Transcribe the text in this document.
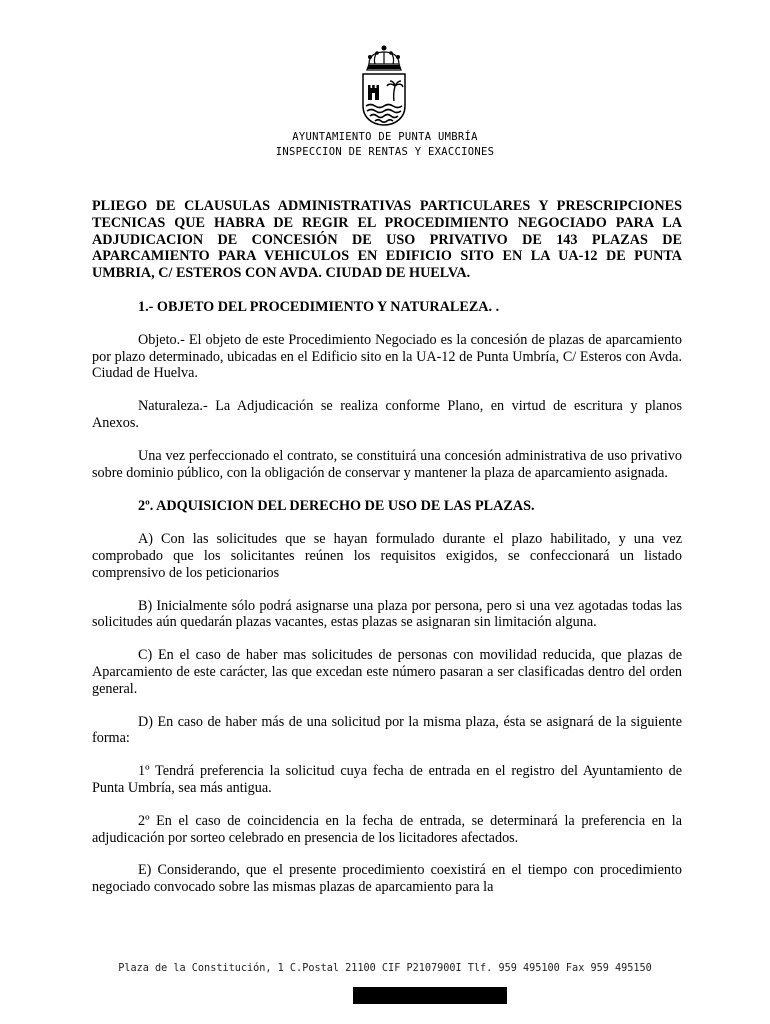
AYUNTAMIENTO DE PUNTA UMBRÍA
INSPECCION DE RENTAS Y EXACCIONES

PLIEGO DE CLAUSULAS ADMINISTRATIVAS PARTICULARES Y PRESCRIPCIONES TECNICAS QUE HABRA DE REGIR EL PROCEDIMIENTO NEGOCIADO PARA LA ADJUDICACION DE CONCESIÓN DE USO PRIVATIVO DE 143 PLAZAS DE APARCAMIENTO PARA VEHICULOS EN EDIFICIO SITO EN LA UA-12 DE PUNTA UMBRIA, C/ ESTEROS CON AVDA. CIUDAD DE HUELVA.

1.- OBJETO DEL PROCEDIMIENTO Y NATURALEZA. .

Objeto.- El objeto de este Procedimiento Negociado es la concesión de plazas de aparcamiento por plazo determinado, ubicadas en el Edificio sito en la UA-12 de Punta Umbría, C/ Esteros con Avda. Ciudad de Huelva.

Naturaleza.- La Adjudicación se realiza conforme Plano, en virtud de escritura y planos Anexos.

Una vez perfeccionado el contrato, se constituirá una concesión administrativa de uso privativo sobre dominio público, con la obligación de conservar y mantener la plaza de aparcamiento asignada.

2º. ADQUISICION DEL DERECHO DE USO DE LAS PLAZAS.

A) Con las solicitudes que se hayan formulado durante el plazo habilitado, y una vez comprobado que los solicitantes reúnen los requisitos exigidos, se confeccionará un listado comprensivo de los peticionarios

B) Inicialmente sólo podrá asignarse una plaza por persona, pero si una vez agotadas todas las solicitudes aún quedarán plazas vacantes, estas plazas se asignaran sin limitación alguna.

C) En el caso de haber mas solicitudes de personas con movilidad reducida, que plazas de Aparcamiento de este carácter, las que excedan este número pasaran a ser clasificadas dentro del orden general.

D) En caso de haber más de una solicitud por la misma plaza, ésta se asignará de la siguiente forma:

1º Tendrá preferencia la solicitud cuya fecha de entrada en el registro del Ayuntamiento de Punta Umbría, sea más antigua.

2º En el caso de coincidencia en la fecha de entrada, se determinará la preferencia en la adjudicación por sorteo celebrado en presencia de los licitadores afectados.

E) Considerando, que el presente procedimiento coexistirá en el tiempo con procedimiento negociado convocado sobre las mismas plazas de aparcamiento para la

Plaza de la Constitución, 1 C.Postal 21100 CIF P2107900I Tlf. 959 495100 Fax 959 495150
